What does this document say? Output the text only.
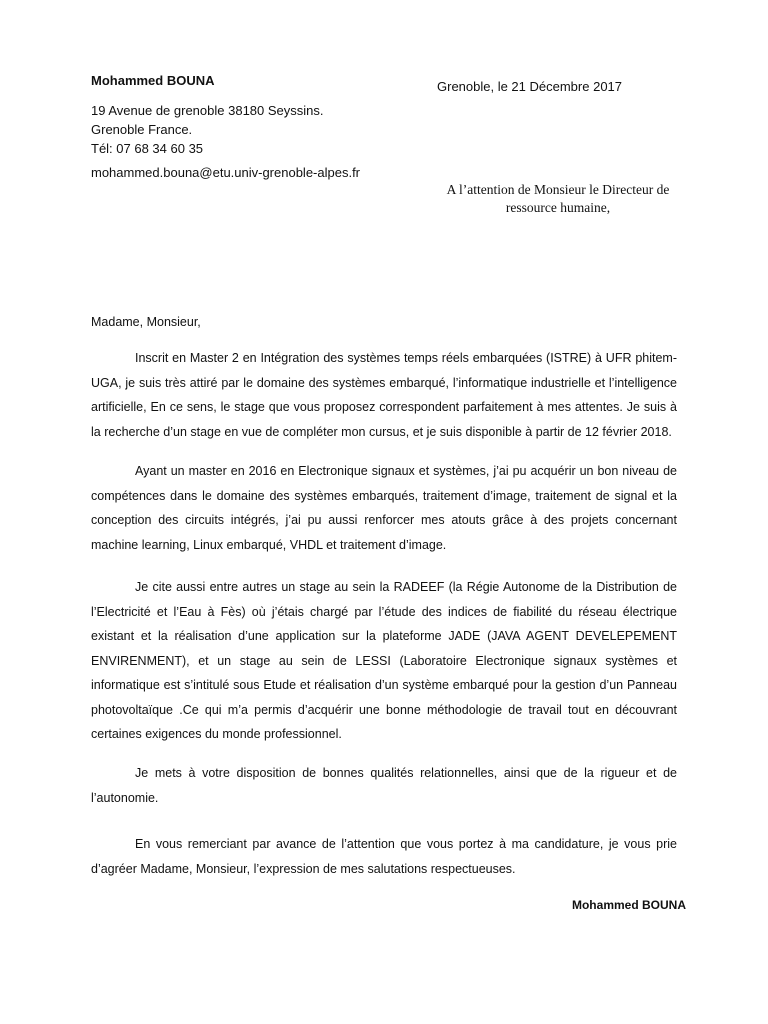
Mohammed BOUNA
19 Avenue de grenoble 38180 Seyssins.
Grenoble France.
Tél: 07 68 34 60 35
mohammed.bouna@etu.univ-grenoble-alpes.fr
Grenoble, le 21 Décembre 2017
A l’attention de Monsieur le Directeur de
ressource humaine,
Madame, Monsieur,

Inscrit en Master 2 en Intégration des systèmes temps réels embarquées (ISTRE) à UFR phitem-UGA, je suis très attiré par le domaine des systèmes embarqué, l’informatique industrielle et l’intelligence artificielle, En ce sens, le stage que vous proposez correspondent parfaitement à mes attentes. Je suis à la recherche d’un stage en vue de compléter mon cursus, et je suis disponible à partir de 12 février 2018.

Ayant un master en 2016 en Electronique signaux et systèmes, j’ai pu acquérir un bon niveau de compétences dans le domaine des systèmes embarqués, traitement d’image, traitement de signal et la conception des circuits intégrés, j’ai pu aussi renforcer mes atouts grâce à des projets concernant machine learning, Linux embarqué, VHDL et traitement d’image.

Je cite aussi entre autres un stage au sein la RADEEF (la Régie Autonome de la Distribution de l’Electricité et l’Eau à Fès) où j’étais chargé par l’étude des indices de fiabilité du réseau électrique existant et la réalisation d’une application sur la plateforme JADE (JAVA AGENT DEVELEPEMENT ENVIRENMENT), et un stage au sein de LESSI (Laboratoire Electronique signaux systèmes et informatique est s’intitulé sous Etude et réalisation d’un système embarqué pour la gestion d’un Panneau photovoltaïque .Ce qui m’a permis d’acquérir une bonne méthodologie de travail tout en découvrant certaines exigences du monde professionnel.

Je mets à votre disposition de bonnes qualités relationnelles, ainsi que de la rigueur et de l’autonomie.

En vous remerciant par avance de l’attention que vous portez à ma candidature, je vous prie d’agréer Madame, Monsieur, l’expression de mes salutations respectueuses.

Mohammed BOUNA
